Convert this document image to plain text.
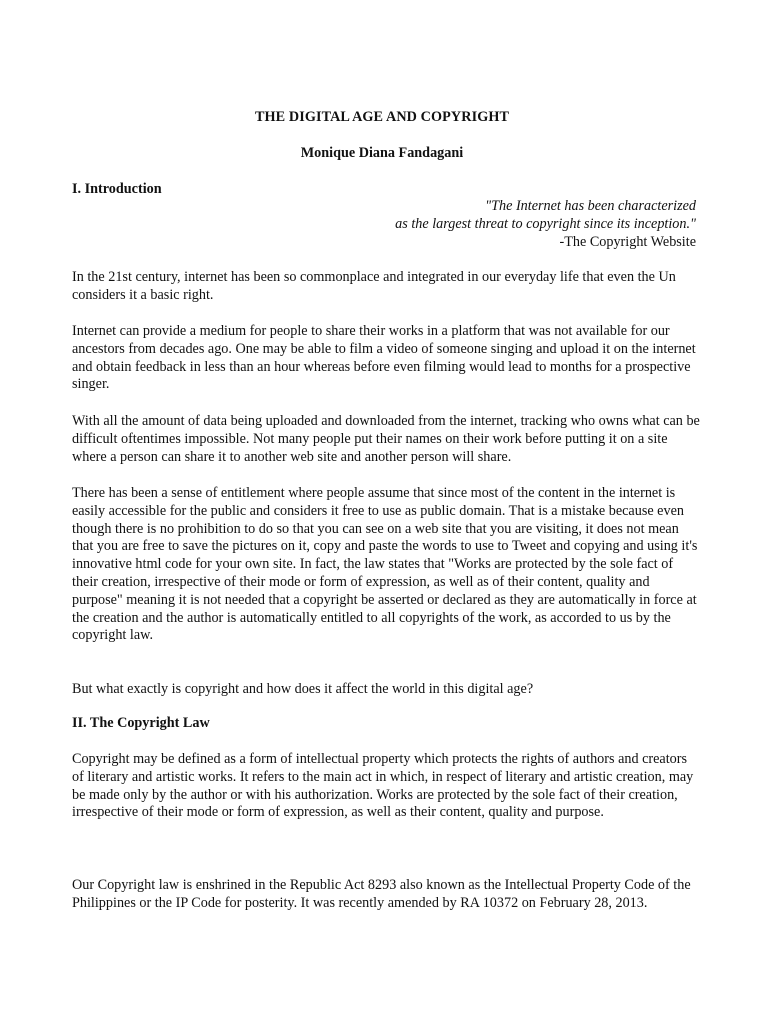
THE DIGITAL AGE AND COPYRIGHT
Monique Diana Fandagani
I. Introduction
"The Internet has been characterized
as the largest threat to copyright since its inception."
-The Copyright Website

In the 21st century, internet has been so commonplace and integrated in our everyday life that even the Un considers it a basic right.

Internet can provide a medium for people to share their works in a platform that was not available for our ancestors from decades ago. One may be able to film a video of someone singing and upload it on the internet and obtain feedback in less than an hour whereas before even filming would lead to months for a prospective singer.

With all the amount of data being uploaded and downloaded from the internet, tracking who owns what can be difficult oftentimes impossible. Not many people put their names on their work before putting it on a site where a person can share it to another web site and another person will share.

There has been a sense of entitlement where people assume that since most of the content in the internet is easily accessible for the public and considers it free to use as public domain. That is a mistake because even though there is no prohibition to do so that you can see on a web site that you are visiting, it does not mean that you are free to save the pictures on it, copy and paste the words to use to Tweet and copying and using it's innovative html code for your own site. In fact, the law states that "Works are protected by the sole fact of their creation, irrespective of their mode or form of expression, as well as of their content, quality and purpose" meaning it is not needed that a copyright be asserted or declared as they are automatically in force at the creation and the author is automatically entitled to all copyrights of the work, as accorded to us by the copyright law.

But what exactly is copyright and how does it affect the world in this digital age?

II. The Copyright Law

Copyright may be defined as a form of intellectual property which protects the rights of authors and creators of literary and artistic works. It refers to the main act in which, in respect of literary and artistic creation, may be made only by the author or with his authorization. Works are protected by the sole fact of their creation, irrespective of their mode or form of expression, as well as their content, quality and purpose.

Our Copyright law is enshrined in the Republic Act 8293 also known as the Intellectual Property Code of the Philippines or the IP Code for posterity. It was recently amended by RA 10372 on February 28, 2013.
